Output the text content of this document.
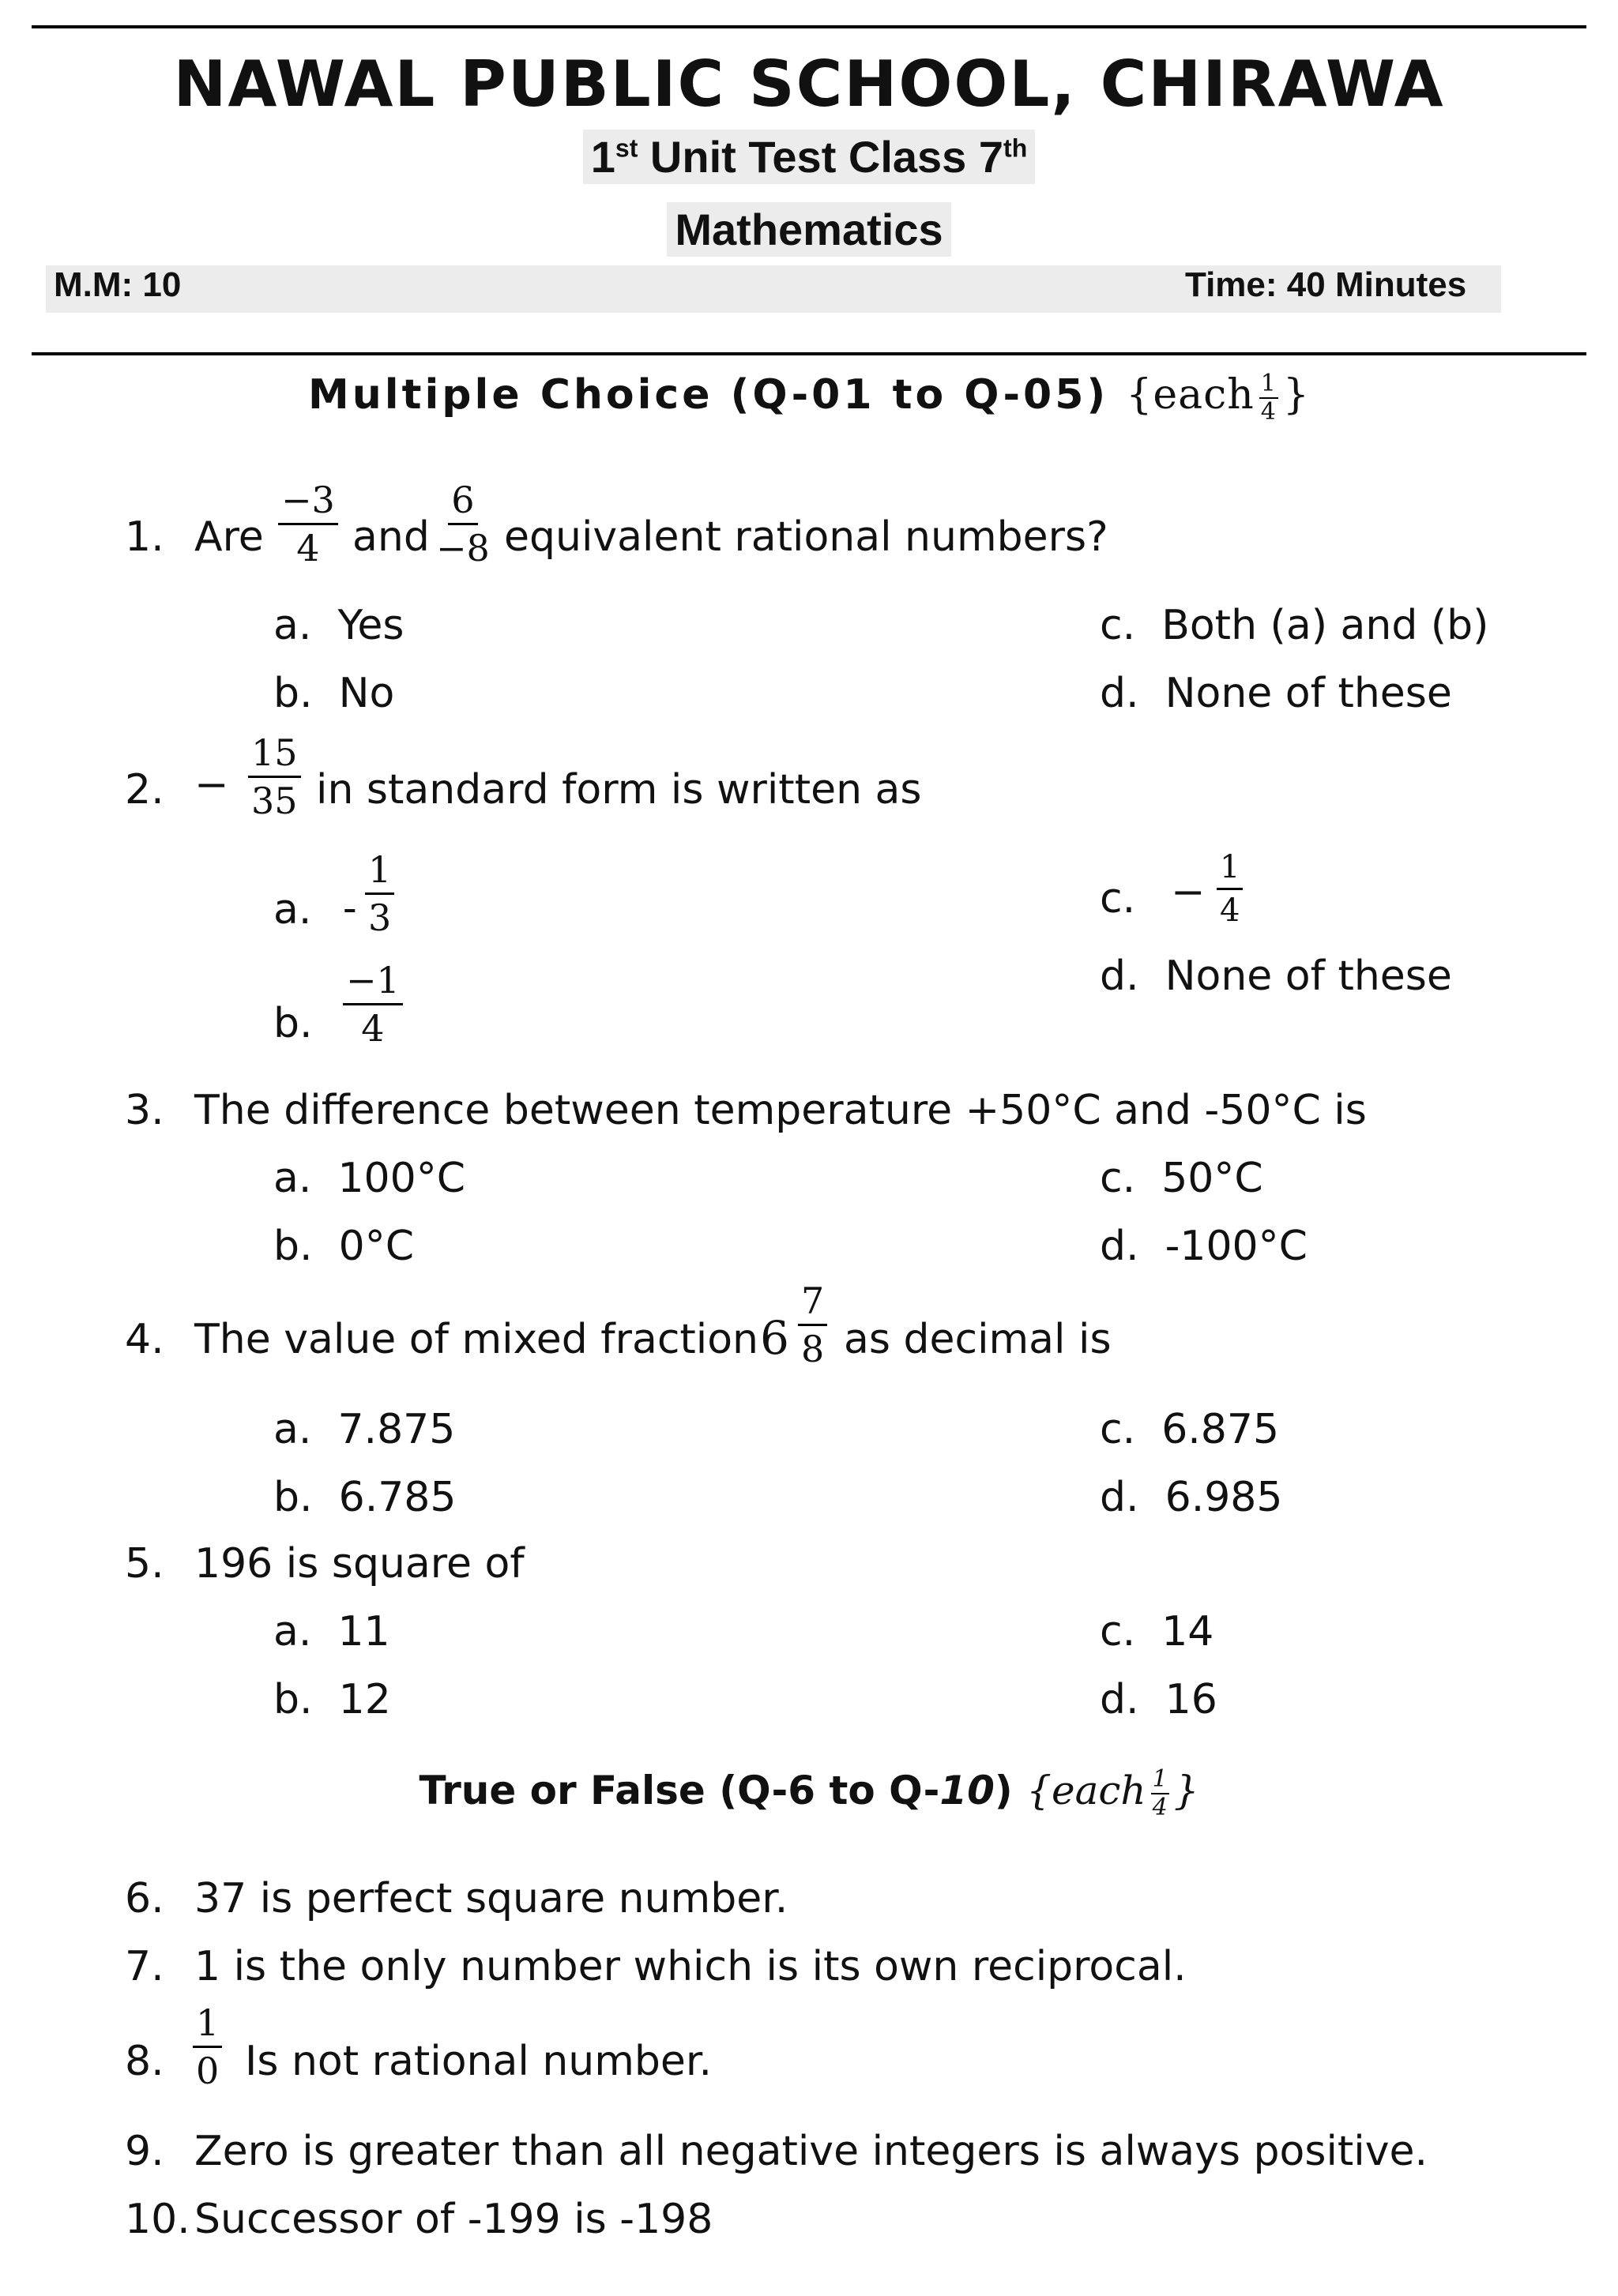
NAWAL PUBLIC SCHOOL, CHIRAWA
1st Unit Test Class 7th
Mathematics
M.M: 10	Time: 40 Minutes
Multiple Choice (Q-01 to Q-05) {each $\frac{1}{4}$ }
1. Are $\frac{-3}{4}$ and $\frac{6}{-8}$ equivalent rational numbers?
a. Yes
b. No
c. Both (a) and (b)
d. None of these
2. − $\frac{15}{35}$ in standard form is written as
a. - $\frac{1}{3}$
b. $\frac{-1}{4}$
c. − $\frac{1}{4}$
d. None of these
3. The difference between temperature +50°C and -50°C is
a. 100°C
b. 0°C
c. 50°C
d. -100°C
4. The value of mixed fraction $6 \frac{7}{8}$ as decimal is
a. 7.875
b. 6.785
c. 6.875
d. 6.985
5. 196 is square of
a. 11
b. 12
c. 14
d. 16
True or False (Q-6 to Q-10) {each $\frac{1}{4}$ }
6. 37 is perfect square number.
7. 1 is the only number which is its own reciprocal.
8. $\frac{1}{0}$ Is not rational number.
9. Zero is greater than all negative integers is always positive.
10. Successor of -199 is -198
